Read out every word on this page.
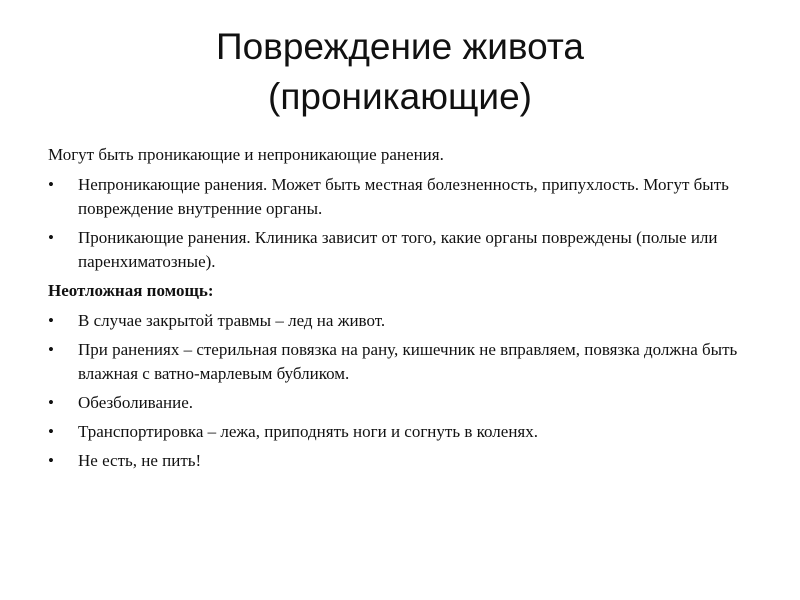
Повреждение живота
(проникающие)
Могут быть проникающие и непроникающие ранения.
•	Непроникающие ранения. Может быть местная болезненность, припухлость. Могут быть повреждение внутренние органы.
•	Проникающие ранения. Клиника зависит от того, какие органы повреждены (полые или паренхиматозные).
Неотложная помощь:
•	В случае закрытой травмы – лед на живот.
•	При ранениях – стерильная повязка на рану, кишечник не вправляем, повязка должна быть влажная с ватно-марлевым бубликом.
•	Обезболивание.
•	Транспортировка – лежа, приподнять ноги и согнуть в коленях.
•	Не есть, не пить!
